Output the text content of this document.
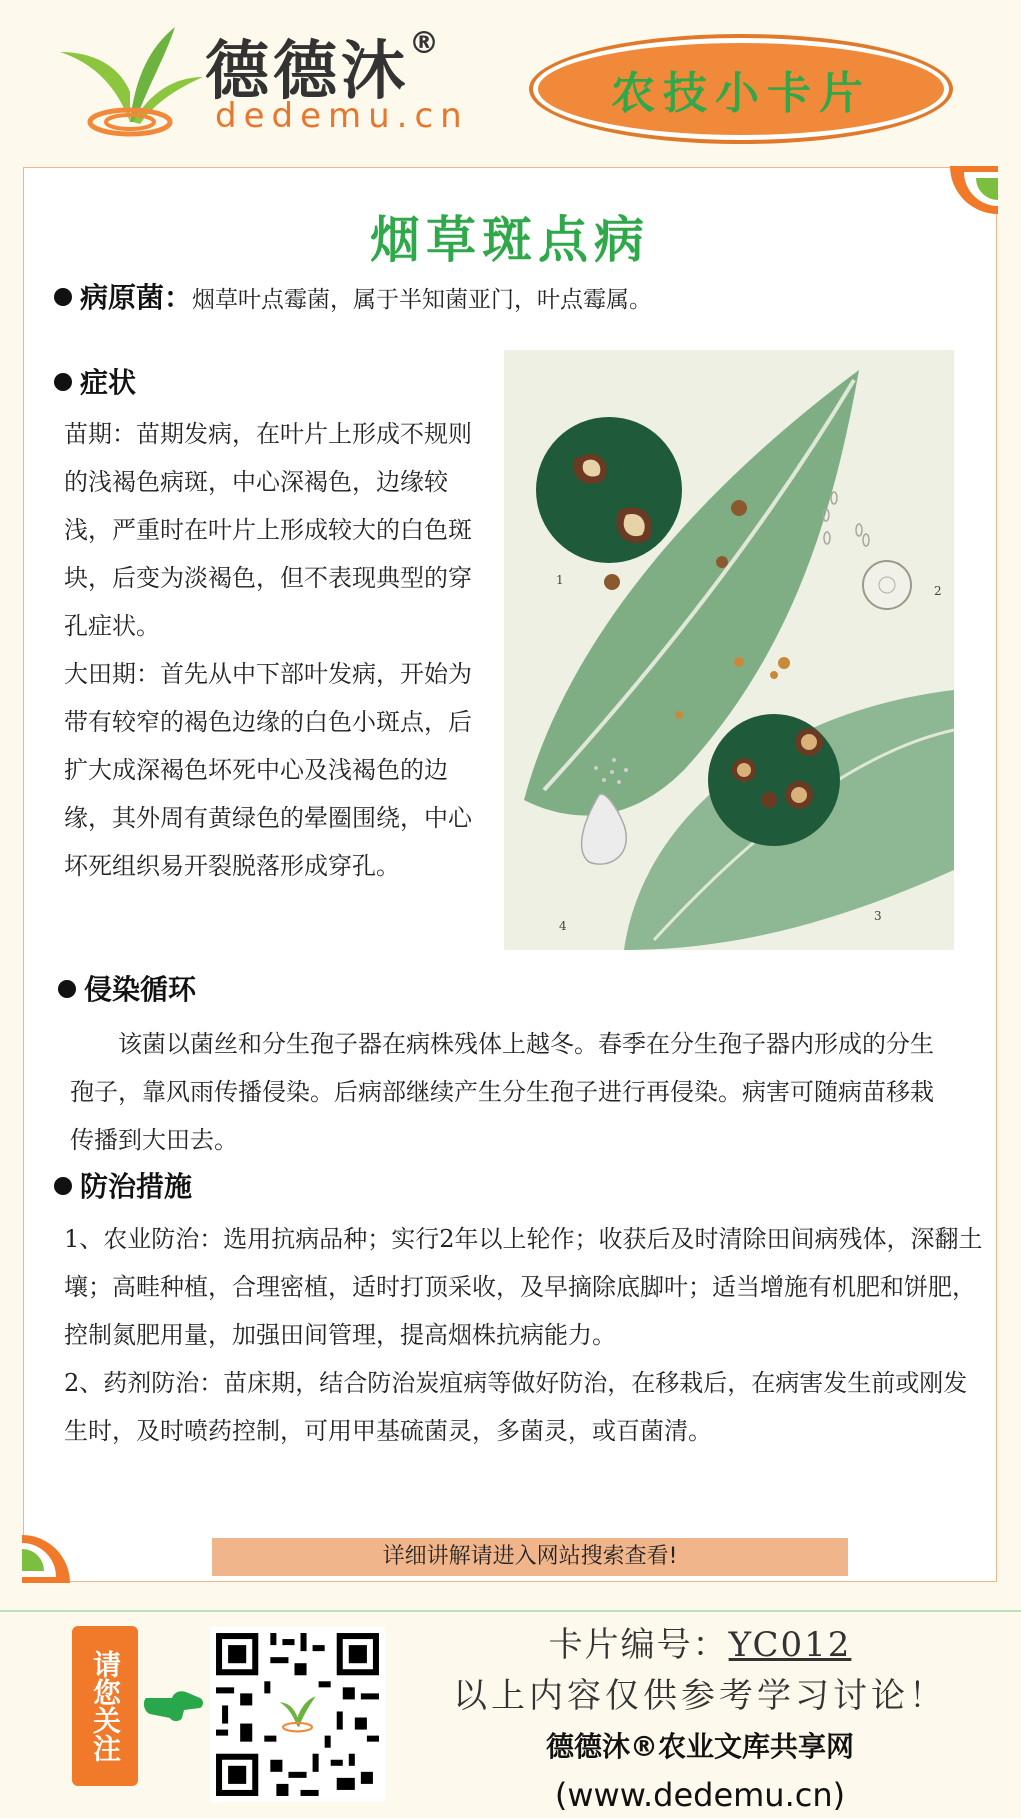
德德沐®
dedemu.cn	农技小卡片
烟草斑点病
病原菌：烟草叶点霉菌，属于半知菌亚门，叶点霉属。
症状

苗期：苗期发病，在叶片上形成不规则的浅褐色病斑，中心深褐色，边缘较浅，严重时在叶片上形成较大的白色斑块，后变为淡褐色，但不表现典型的穿孔症状。

大田期：首先从中下部叶发病，开始为带有较窄的褐色边缘的白色小斑点，后扩大成深褐色坏死中心及浅褐色的边缘，其外周有黄绿色的晕圈围绕，中心坏死组织易开裂脱落形成穿孔。

1
2
3
4
侵染循环

该菌以菌丝和分生孢子器在病株残体上越冬。春季在分生孢子器内形成的分生孢子，靠风雨传播侵染。后病部继续产生分生孢子进行再侵染。病害可随病苗移栽传播到大田去。

防治措施

1、农业防治：选用抗病品种；实行2年以上轮作；收获后及时清除田间病残体，深翻土壤；高畦种植，合理密植，适时打顶采收，及早摘除底脚叶；适当增施有机肥和饼肥，控制氮肥用量，加强田间管理，提高烟株抗病能力。

2、药剂防治：苗床期，结合防治炭疽病等做好防治，在移栽后，在病害发生前或刚发生时，及时喷药控制，可用甲基硫菌灵，多菌灵，或百菌清。

详细讲解请进入网站搜索查看!
请您关注
卡片编号：YC012
以上内容仅供参考学习讨论！
德德沐®农业文库共享网
(www.dedemu.cn)
